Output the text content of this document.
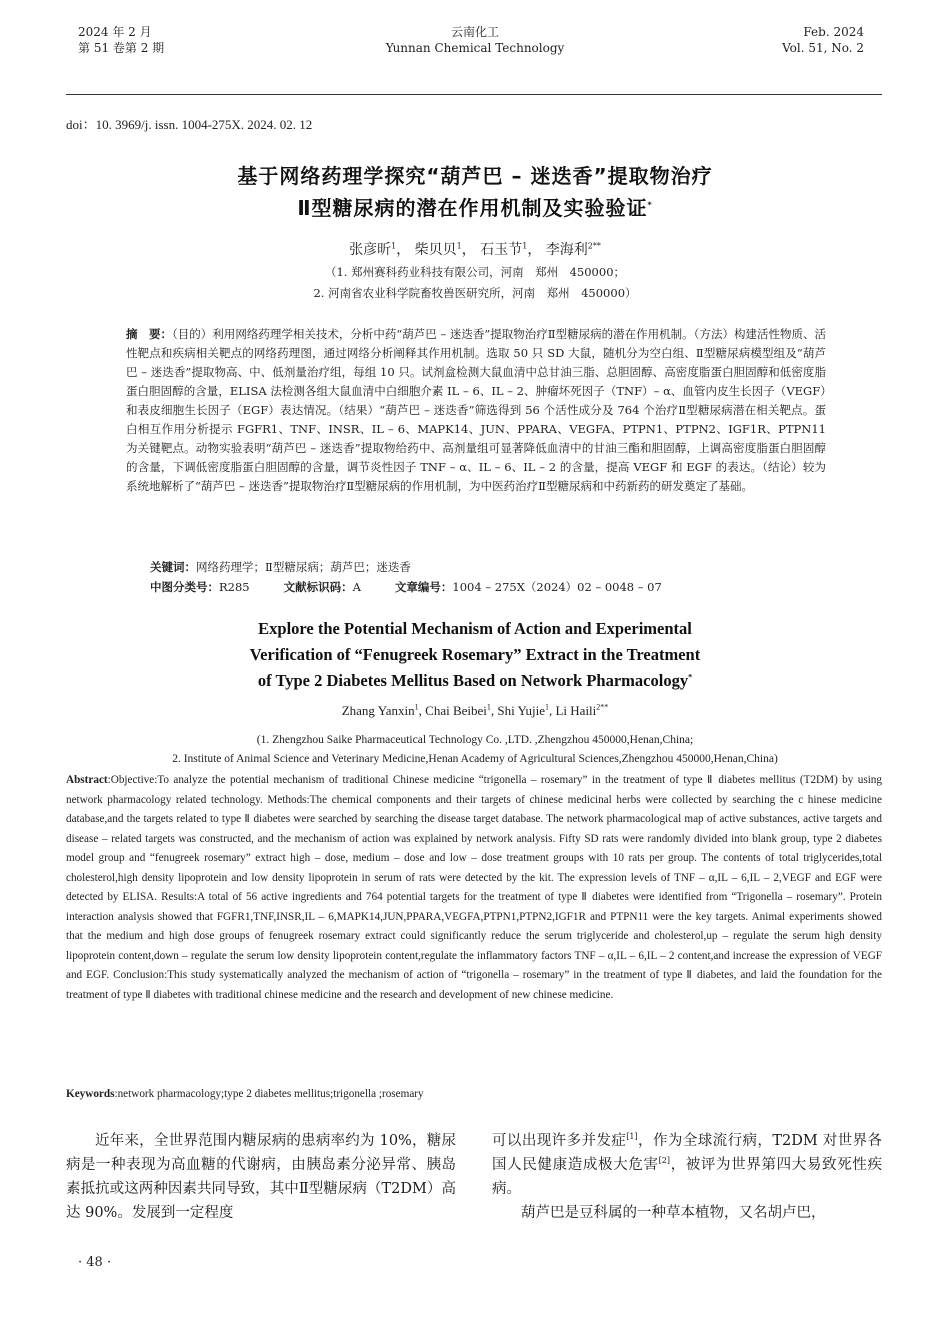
2024 年 2 月
第 51 卷第 2 期
云南化工
Yunnan Chemical Technology
Feb. 2024
Vol. 51, No. 2
doi：10. 3969/j. issn. 1004-275X. 2024. 02. 12
基于网络药理学探究“葫芦巴 – 迷迭香”提取物治疗
Ⅱ型糖尿病的潜在作用机制及实验验证*
张彦昕$^1$， 柴贝贝$^1$， 石玉节$^1$， 李海利$^{2**}$
（1. 郑州赛科药业科技有限公司，河南　郑州　450000；
2. 河南省农业科学院畜牧兽医研究所，河南　郑州　450000）
摘　要：（目的）利用网络药理学相关技术，分析中药“葫芦巴 – 迷迭香”提取物治疗Ⅱ型糖尿病的潜在作用机制。（方法）构建活性物质、活性靶点和疾病相关靶点的网络药理图，通过网络分析阐释其作用机制。选取 50 只 SD 大鼠，随机分为空白组、Ⅱ型糖尿病模型组及“葫芦巴 – 迷迭香”提取物高、中、低剂量治疗组，每组 10 只。试剂盒检测大鼠血清中总甘油三脂、总胆固醇、高密度脂蛋白胆固醇和低密度脂蛋白胆固醇的含量，ELISA 法检测各组大鼠血清中白细胞介素 IL – 6、IL – 2、肿瘤坏死因子（TNF）– α、血管内皮生长因子（VEGF）和表皮细胞生长因子（EGF）表达情况。（结果）“葫芦巴 – 迷迭香”筛选得到 56 个活性成分及 764 个治疗Ⅱ型糖尿病潜在相关靶点。蛋白相互作用分析提示 FGFR1、TNF、INSR、IL – 6、MAPK14、JUN、PPARA、VEGFA、PTPN1、PTPN2、IGF1R、PTPN11 为关键靶点。动物实验表明“葫芦巴 – 迷迭香”提取物给药中、高剂量组可显著降低血清中的甘油三酯和胆固醇，上调高密度脂蛋白胆固醇的含量，下调低密度脂蛋白胆固醇的含量，调节炎性因子 TNF – α、IL – 6、IL – 2 的含量，提高 VEGF 和 EGF 的表达。（结论）较为系统地解析了“葫芦巴 – 迷迭香”提取物治疗Ⅱ型糖尿病的作用机制，为中医药治疗Ⅱ型糖尿病和中药新药的研发奠定了基础。
关键词：网络药理学；Ⅱ型糖尿病；葫芦巴；迷迭香
中图分类号：R285	文献标识码：A	文章编号：1004 – 275X（2024）02 – 0048 – 07
Explore the Potential Mechanism of Action and Experimental
Verification of “Fenugreek Rosemary” Extract in the Treatment
of Type 2 Diabetes Mellitus Based on Network Pharmacology*
Zhang Yanxin$^1$, Chai Beibei$^1$, Shi Yujie$^1$, Li Haili$^{2**}$
(1. Zhengzhou Saike Pharmaceutical Technology Co. ,LTD. ,Zhengzhou 450000,Henan,China;
2. Institute of Animal Science and Veterinary Medicine,Henan Academy of Agricultural Sciences,Zhengzhou 450000,Henan,China)
Abstract:Objective:To analyze the potential mechanism of traditional Chinese medicine “trigonella – rosemary” in the treatment of type Ⅱ diabetes mellitus (T2DM) by using network pharmacology related technology. Methods:The chemical components and their targets of chinese medicinal herbs were collected by searching the c hinese medicine database,and the targets related to type Ⅱ diabetes were searched by searching the disease target database. The network pharmacological map of active substances, active targets and disease – related targets was constructed, and the mechanism of action was explained by network analysis. Fifty SD rats were randomly divided into blank group, type 2 diabetes model group and “fenugreek rosemary” extract high – dose, medium – dose and low – dose treatment groups with 10 rats per group. The contents of total triglycerides,total cholesterol,high density lipoprotein and low density lipoprotein in serum of rats were detected by the kit. The expression levels of TNF – α,IL – 6,IL – 2,VEGF and EGF were detected by ELISA. Results:A total of 56 active ingredients and 764 potential targets for the treatment of type Ⅱ diabetes were identified from “Trigonella – rosemary”. Protein interaction analysis showed that FGFR1,TNF,INSR,IL – 6,MAPK14,JUN,PPARA,VEGFA,PTPN1,PTPN2,IGF1R and PTPN11 were the key targets. Animal experiments showed that the medium and high dose groups of fenugreek rosemary extract could significantly reduce the serum triglyceride and cholesterol,up – regulate the serum high density lipoprotein content,down – regulate the serum low density lipoprotein content,regulate the inflammatory factors TNF – α,IL – 6,IL – 2 content,and increase the expression of VEGF and EGF. Conclusion:This study systematically analyzed the mechanism of action of “trigonella – rosemary” in the treatment of type Ⅱ diabetes, and laid the foundation for the treatment of type Ⅱ diabetes with traditional chinese medicine and the research and development of new chinese medicine.
Keywords:network pharmacology;type 2 diabetes mellitus;trigonella ;rosemary

近年来，全世界范围内糖尿病的患病率约为 10%，糖尿病是一种表现为高血糖的代谢病，由胰岛素分泌异常、胰岛素抵抗或这两种因素共同导致，其中Ⅱ型糖尿病（T2DM）高达 90%。发展到一定程度

可以出现许多并发症[1]，作为全球流行病，T2DM 对世界各国人民健康造成极大危害[2]，被评为世界第四大易致死性疾病。

葫芦巴是豆科属的一种草本植物，又名胡卢巴，

· 48 ·
